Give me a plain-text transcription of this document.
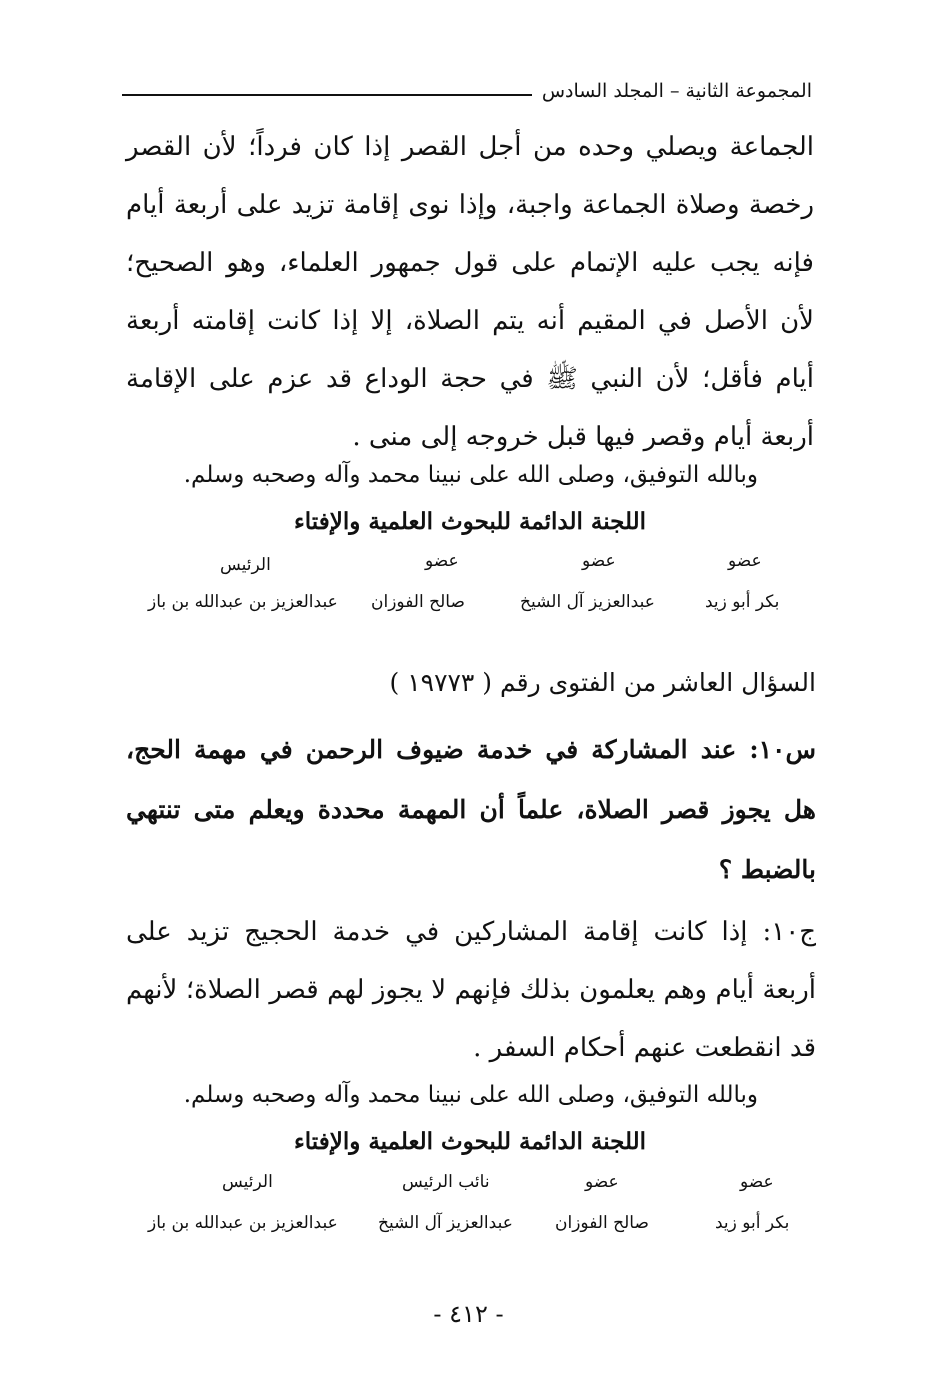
المجموعة الثانية – المجلد السادس

الجماعة ويصلي وحده من أجل القصر إذا كان فرداً؛ لأن القصر رخصة وصلاة الجماعة واجبة، وإذا نوى إقامة تزيد على أربعة أيام فإنه يجب عليه الإتمام على قول جمهور العلماء، وهو الصحيح؛ لأن الأصل في المقيم أنه يتم الصلاة، إلا إذا كانت إقامته أربعة أيام فأقل؛ لأن النبي ﷺ في حجة الوداع قد عزم على الإقامة أربعة أيام وقصر فيها قبل خروجه إلى منى .

وبالله التوفيق، وصلى الله على نبينا محمد وآله وصحبه وسلم.
اللجنة الدائمة للبحوث العلمية والإفتاء
عضو
بكر أبو زيد
عضو
عبدالعزيز آل الشيخ
عضو
صالح الفوزان
الرئيس
عبدالعزيز بن عبدالله بن باز
السؤال العاشر من الفتوى رقم ( ١٩٧٧٣ )
س١٠: عند المشاركة في خدمة ضيوف الرحمن في مهمة الحج، هل يجوز قصر الصلاة، علماً أن المهمة محددة ويعلم متى تنتهي بالضبط ؟
ج١٠: إذا كانت إقامة المشاركين في خدمة الحجيج تزيد على أربعة أيام وهم يعلمون بذلك فإنهم لا يجوز لهم قصر الصلاة؛ لأنهم قد انقطعت عنهم أحكام السفر .
وبالله التوفيق، وصلى الله على نبينا محمد وآله وصحبه وسلم.
اللجنة الدائمة للبحوث العلمية والإفتاء
عضو
بكر أبو زيد
عضو
صالح الفوزان
نائب الرئيس
عبدالعزيز آل الشيخ
الرئيس
عبدالعزيز بن عبدالله بن باز
- ٤١٢ -
